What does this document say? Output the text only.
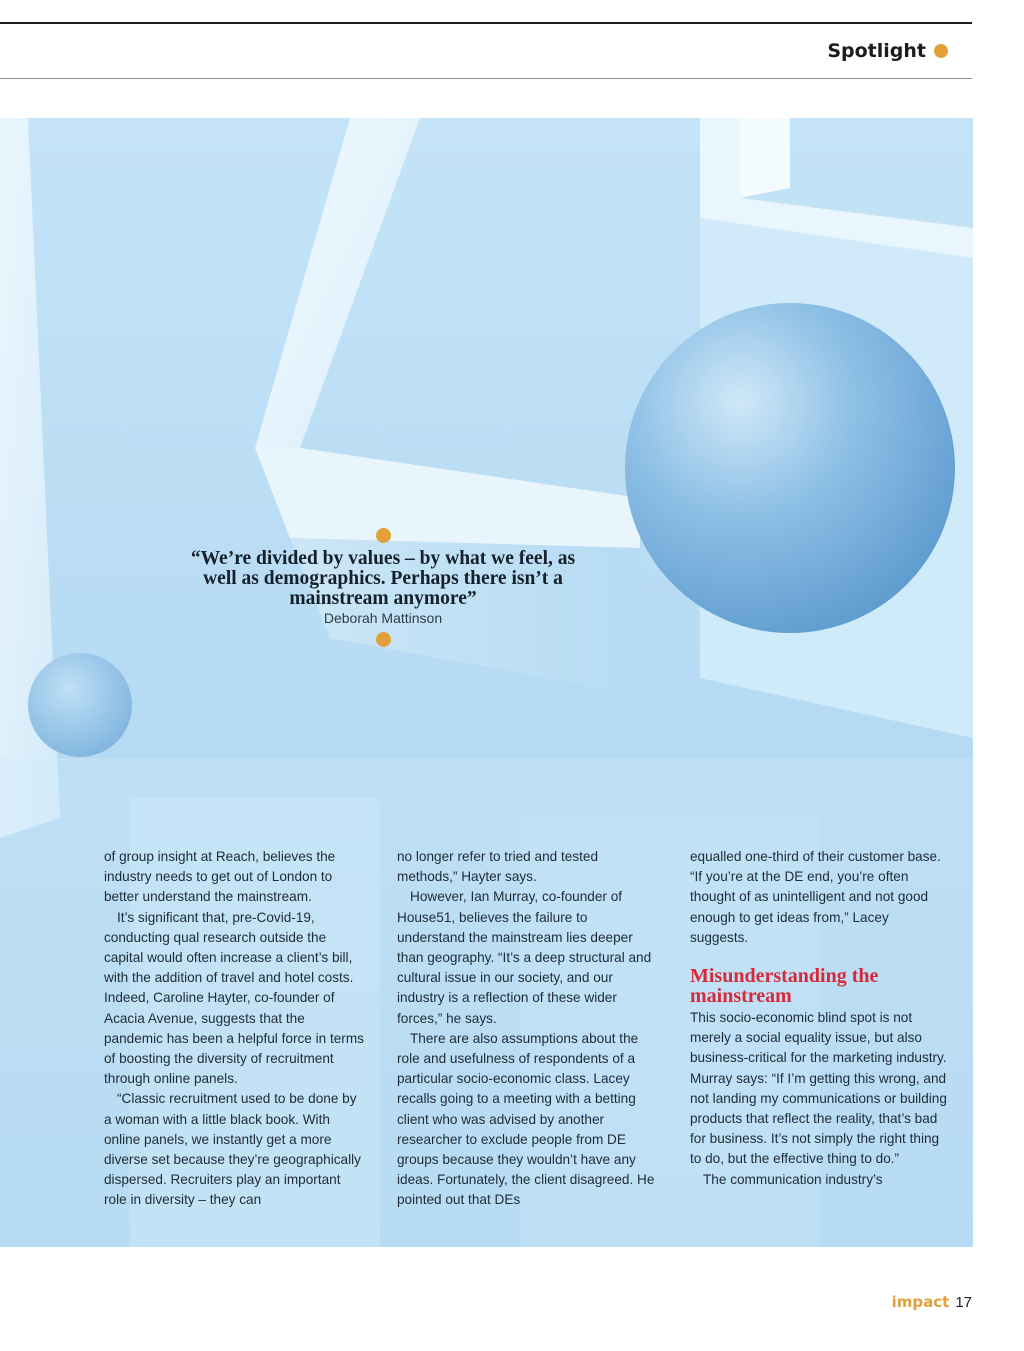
Spotlight
“We’re divided by values – by what we feel, as well as demographics. Perhaps there isn’t a mainstream anymore”
Deborah Mattinson

of group insight at Reach, believes the industry needs to get out of London to better understand the mainstream.

It’s significant that, pre-Covid-19, conducting qual research outside the capital would often increase a client’s bill, with the addition of travel and hotel costs. Indeed, Caroline Hayter, co-founder of Acacia Avenue, suggests that the pandemic has been a helpful force in terms of boosting the diversity of recruitment through online panels.

“Classic recruitment used to be done by a woman with a little black book. With online panels, we instantly get a more diverse set because they’re geographically dispersed. Recruiters play an important role in diversity – they can

no longer refer to tried and tested methods,” Hayter says.

However, Ian Murray, co-founder of House51, believes the failure to understand the mainstream lies deeper than geography. “It’s a deep structural and cultural issue in our society, and our industry is a reflection of these wider forces,” he says.

There are also assumptions about the role and usefulness of respondents of a particular socio-economic class. Lacey recalls going to a meeting with a betting client who was advised by another researcher to exclude people from DE groups because they wouldn’t have any ideas. Fortunately, the client disagreed. He pointed out that DEs

equalled one-third of their customer base. “If you’re at the DE end, you’re often thought of as unintelligent and not good enough to get ideas from,” Lacey suggests.

Misunderstanding the mainstream

This socio-economic blind spot is not merely a social equality issue, but also business-critical for the marketing industry. Murray says: “If I’m getting this wrong, and not landing my communications or building products that reflect the reality, that’s bad for business. It’s not simply the right thing to do, but the effective thing to do.”

The communication industry’s

impact 17
